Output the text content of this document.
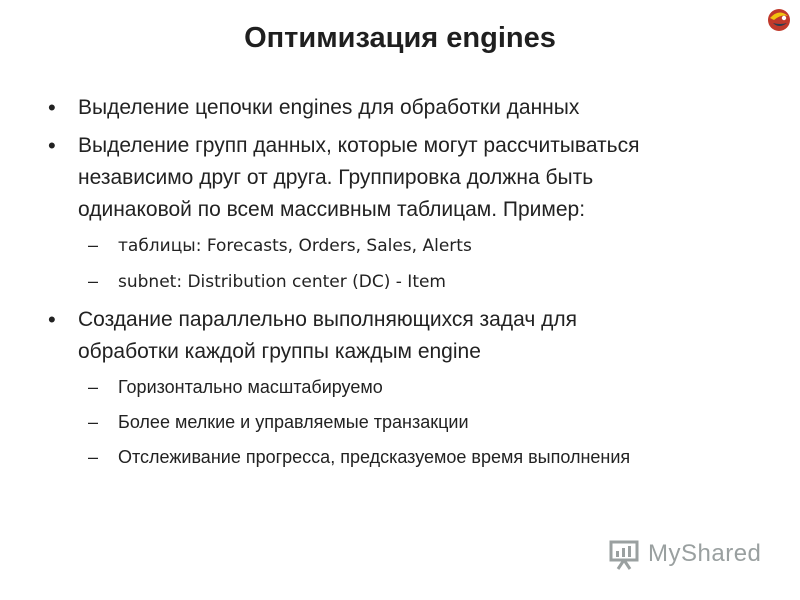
Оптимизация engines
• Выделение цепочки engines для обработки данных
• Выделение групп данных, которые могут рассчитываться
независимо друг от друга. Группировка должна быть
одинаковой по всем массивным таблицам. Пример:
– таблицы: Forecasts, Orders, Sales, Alerts
– subnet: Distribution center (DC) - Item
• Создание параллельно выполняющихся задач для
обработки каждой группы каждым engine
– Горизонтально масштабируемо
– Более мелкие и управляемые транзакции
– Отслеживание прогресса, предсказуемое время выполнения
MyShared
